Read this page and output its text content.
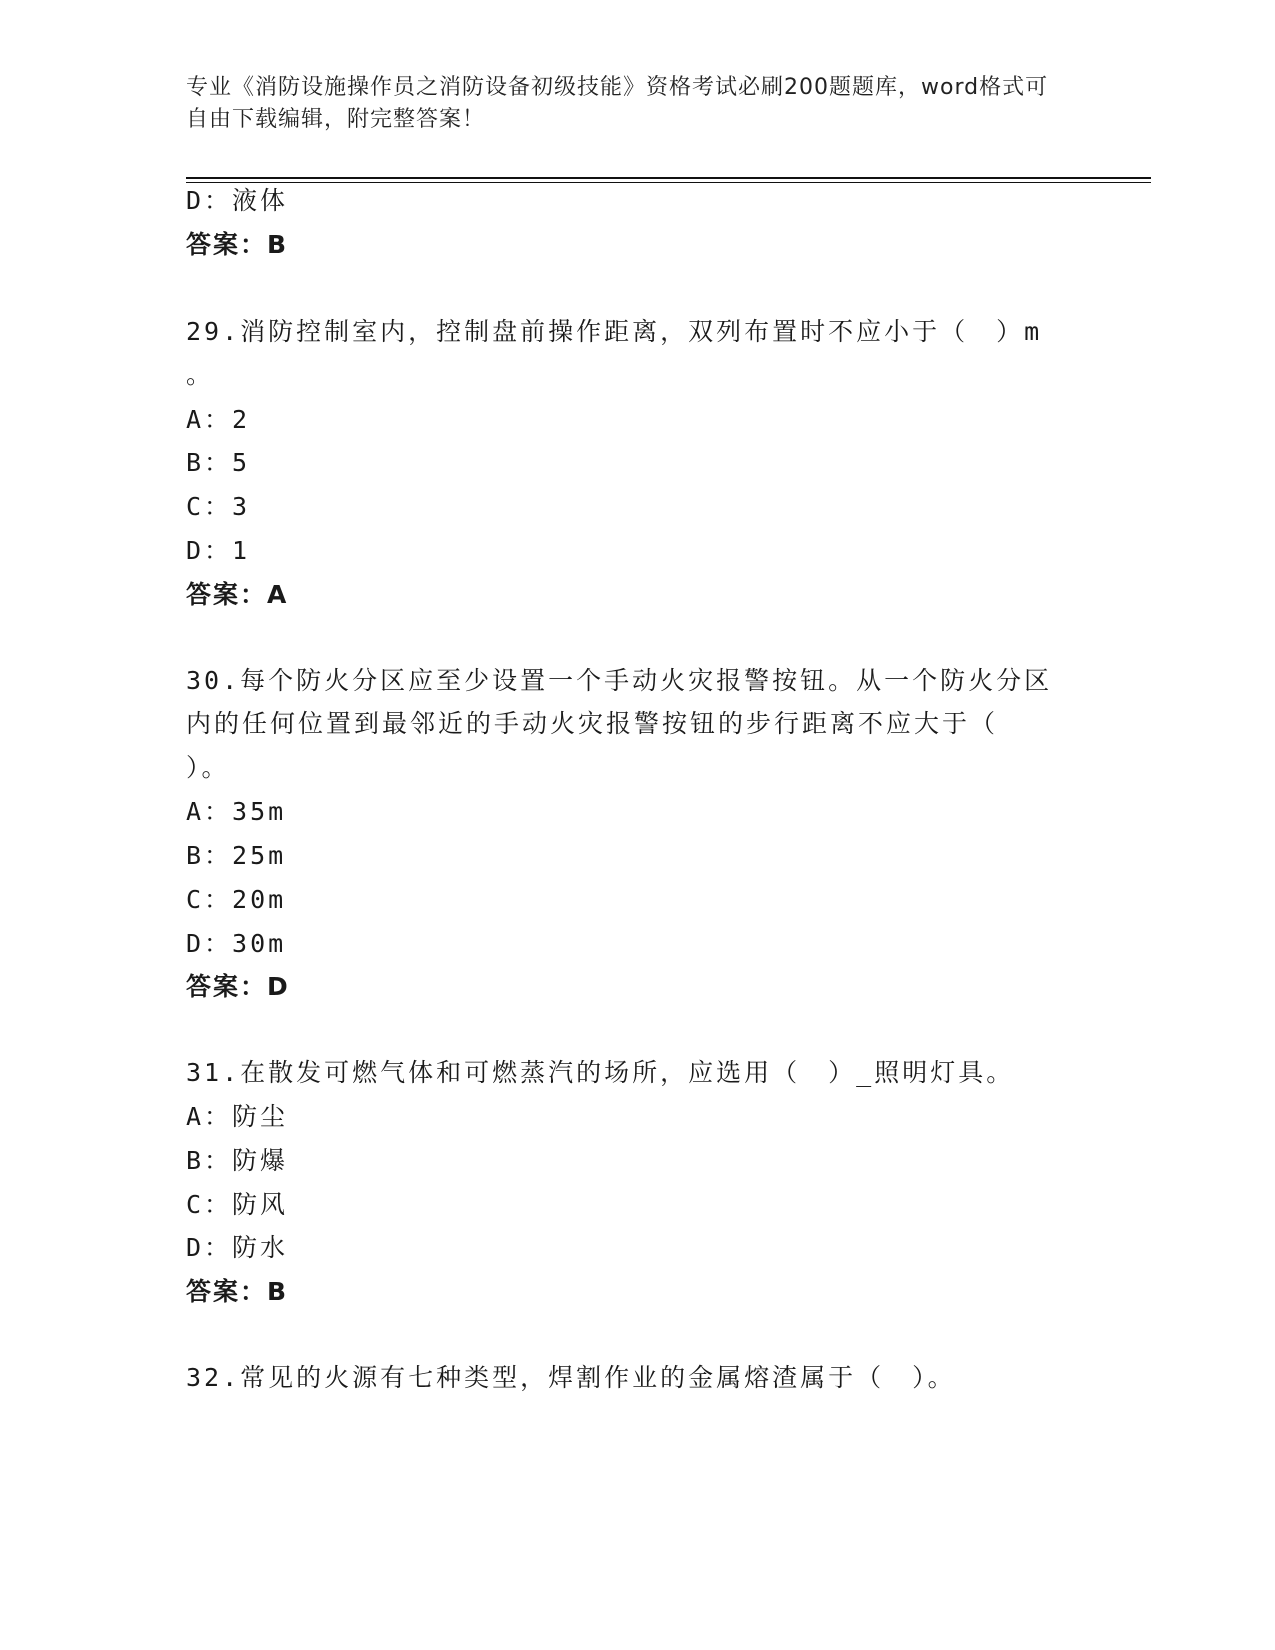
专业《消防设施操作员之消防设备初级技能》资格考试必刷200题题库，word格式可自由下载编辑，附完整答案！
D：液体
答案：B
29.消防控制室内，控制盘前操作距离，双列布置时不应小于（　）m
。
A：2
B：5
C：3
D：1
答案：A
30.每个防火分区应至少设置一个手动火灾报警按钮。从一个防火分区
内的任何位置到最邻近的手动火灾报警按钮的步行距离不应大于（
）。
A：35m
B：25m
C：20m
D：30m
答案：D
31.在散发可燃气体和可燃蒸汽的场所，应选用（　）_照明灯具。
A：防尘
B：防爆
C：防风
D：防水
答案：B
32.常见的火源有七种类型，焊割作业的金属熔渣属于（　）。
